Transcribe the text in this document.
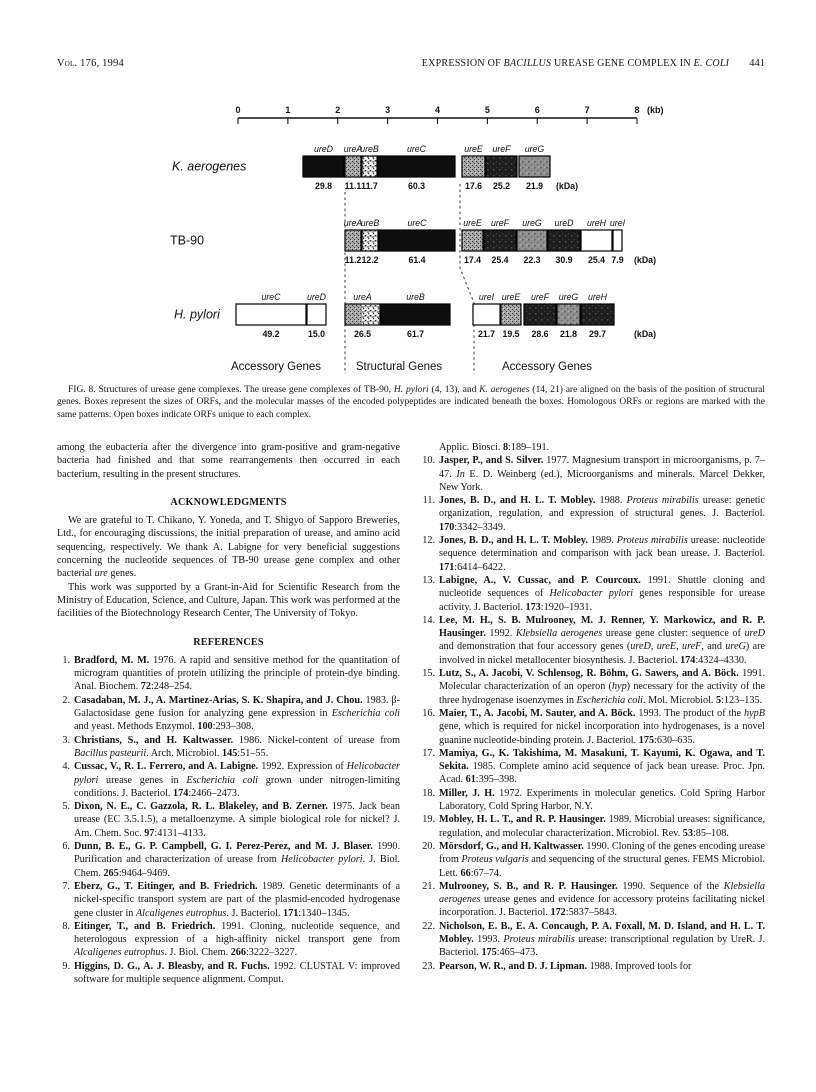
Vol. 176, 1994	EXPRESSION OF BACILLUS UREASE GENE COMPLEX IN E. COLI 441
0	1	2	3	4	5	6	7	8 (kb)
K. aerogenes
ureD
29.8
ureA
11.1
ureB
11.7
ureC
60.3
ureE
17.6
ureF
25.2
ureG
21.9 (kDa)
TB-90
ureA
11.2
ureB
12.2
ureC
61.4
ureE
17.4
ureF
25.4
ureG
22.3
ureD
30.9
ureH
25.4
ureI
7.9 (kDa)
H. pylori
ureC
49.2
ureD
15.0
ureA
26.5
ureB
61.7
ureI
21.7
ureE
19.5
ureF
28.6
ureG
21.8
ureH
29.7	(kDa)
Accessory Genes	Structural Genes	Accessory Genes

FIG. 8. Structures of urease gene complexes. The urease gene complexes of TB-90, H. pylori (4, 13), and K. aerogenes (14, 21) are aligned on the basis of the position of structural genes. Boxes represent the sizes of ORFs, and the molecular masses of the encoded polypeptides are indicated beneath the boxes. Homologous ORFs or regions are marked with the same patterns. Open boxes indicate ORFs unique to each complex.

among the eubacteria after the divergence into gram-positive and gram-negative bacteria had finished and that some rearrangements then occurred in each bacterium, resulting in the present structures.

ACKNOWLEDGMENTS

We are grateful to T. Chikano, Y. Yoneda, and T. Shigyo of Sapporo Breweries, Ltd., for encouraging discussions, the initial preparation of urease, and amino acid sequencing, respectively. We thank A. Labigne for very beneficial suggestions concerning the nucleotide sequences of TB-90 urease gene complex and other bacterial ure genes.

This work was supported by a Grant-in-Aid for Scientific Research from the Ministry of Education, Science, and Culture, Japan. This work was performed at the facilities of the Biotechnology Research Center, The University of Tokyo.

REFERENCES

1. Bradford, M. M. 1976. A rapid and sensitive method for the quantitation of microgram quantities of protein utilizing the principle of protein-dye binding. Anal. Biochem. 72:248–254.

2. Casadaban, M. J., A. Martinez-Arias, S. K. Shapira, and J. Chou. 1983. β-Galactosidase gene fusion for analyzing gene expression in Escherichia coli and yeast. Methods Enzymol. 100:293–308.

3. Christians, S., and H. Kaltwasser. 1986. Nickel-content of urease from Bacillus pasteurii. Arch. Microbiol. 145:51–55.

4. Cussac, V., R. L. Ferrero, and A. Labigne. 1992. Expression of Helicobacter pylori urease genes in Escherichia coli grown under nitrogen-limiting conditions. J. Bacteriol. 174:2466–2473.

5. Dixon, N. E., C. Gazzola, R. L. Blakeley, and B. Zerner. 1975. Jack bean urease (EC 3.5.1.5), a metalloenzyme. A simple biological role for nickel? J. Am. Chem. Soc. 97:4131–4133.

6. Dunn, B. E., G. P. Campbell, G. I. Perez-Perez, and M. J. Blaser. 1990. Purification and characterization of urease from Helicobacter pylori. J. Biol. Chem. 265:9464–9469.

7. Eberz, G., T. Eitinger, and B. Friedrich. 1989. Genetic determinants of a nickel-specific transport system are part of the plasmid-encoded hydrogenase gene cluster in Alcaligenes eutrophus. J. Bacteriol. 171:1340–1345.

8. Eitinger, T., and B. Friedrich. 1991. Cloning, nucleotide sequence, and heterologous expression of a high-affinity nickel transport gene from Alcaligenes eutrophus. J. Biol. Chem. 266:3222–3227.

9. Higgins, D. G., A. J. Bleasby, and R. Fuchs. 1992. CLUSTAL V: improved software for multiple sequence alignment. Comput.

Applic. Biosci. 8:189–191.

10. Jasper, P., and S. Silver. 1977. Magnesium transport in microorganisms, p. 7–47. In E. D. Weinberg (ed.), Microorganisms and minerals. Marcel Dekker, New York.

11. Jones, B. D., and H. L. T. Mobley. 1988. Proteus mirabilis urease: genetic organization, regulation, and expression of structural genes. J. Bacteriol. 170:3342–3349.

12. Jones, B. D., and H. L. T. Mobley. 1989. Proteus mirabilis urease: nucleotide sequence determination and comparison with jack bean urease. J. Bacteriol. 171:6414–6422.

13. Labigne, A., V. Cussac, and P. Courcoux. 1991. Shuttle cloning and nucleotide sequences of Helicobacter pylori genes responsible for urease activity. J. Bacteriol. 173:1920–1931.

14. Lee, M. H., S. B. Mulrooney, M. J. Renner, Y. Markowicz, and R. P. Hausinger. 1992. Klebsiella aerogenes urease gene cluster: sequence of ureD and demonstration that four accessory genes (ureD, ureE, ureF, and ureG) are involved in nickel metallocenter biosynthesis. J. Bacteriol. 174:4324–4330.

15. Lutz, S., A. Jacobi, V. Schlensog, R. Böhm, G. Sawers, and A. Böck. 1991. Molecular characterization of an operon (hyp) necessary for the activity of the three hydrogenase isoenzymes in Escherichia coli. Mol. Microbiol. 5:123–135.

16. Maier, T., A. Jacobi, M. Sauter, and A. Böck. 1993. The product of the hypB gene, which is required for nickel incorporation into hydrogenases, is a novel guanine nucleotide-binding protein. J. Bacteriol. 175:630–635.

17. Mamiya, G., K. Takishima, M. Masakuni, T. Kayumi, K. Ogawa, and T. Sekita. 1985. Complete amino acid sequence of jack bean urease. Proc. Jpn. Acad. 61:395–398.

18. Miller, J. H. 1972. Experiments in molecular genetics. Cold Spring Harbor Laboratory, Cold Spring Harbor, N.Y.

19. Mobley, H. L. T., and R. P. Hausinger. 1989. Microbial ureases: significance, regulation, and molecular characterization. Microbiol. Rev. 53:85–108.

20. Mörsdorf, G., and H. Kaltwasser. 1990. Cloning of the genes encoding urease from Proteus vulgaris and sequencing of the structural genes. FEMS Microbiol. Lett. 66:67–74.

21. Mulrooney, S. B., and R. P. Hausinger. 1990. Sequence of the Klebsiella aerogenes urease genes and evidence for accessory proteins facilitating nickel incorporation. J. Bacteriol. 172:5837–5843.

22. Nicholson, E. B., E. A. Concaugh, P. A. Foxall, M. D. Island, and H. L. T. Mobley. 1993. Proteus mirabilis urease: transcriptional regulation by UreR. J. Bacteriol. 175:465–473.

23. Pearson, W. R., and D. J. Lipman. 1988. Improved tools for
